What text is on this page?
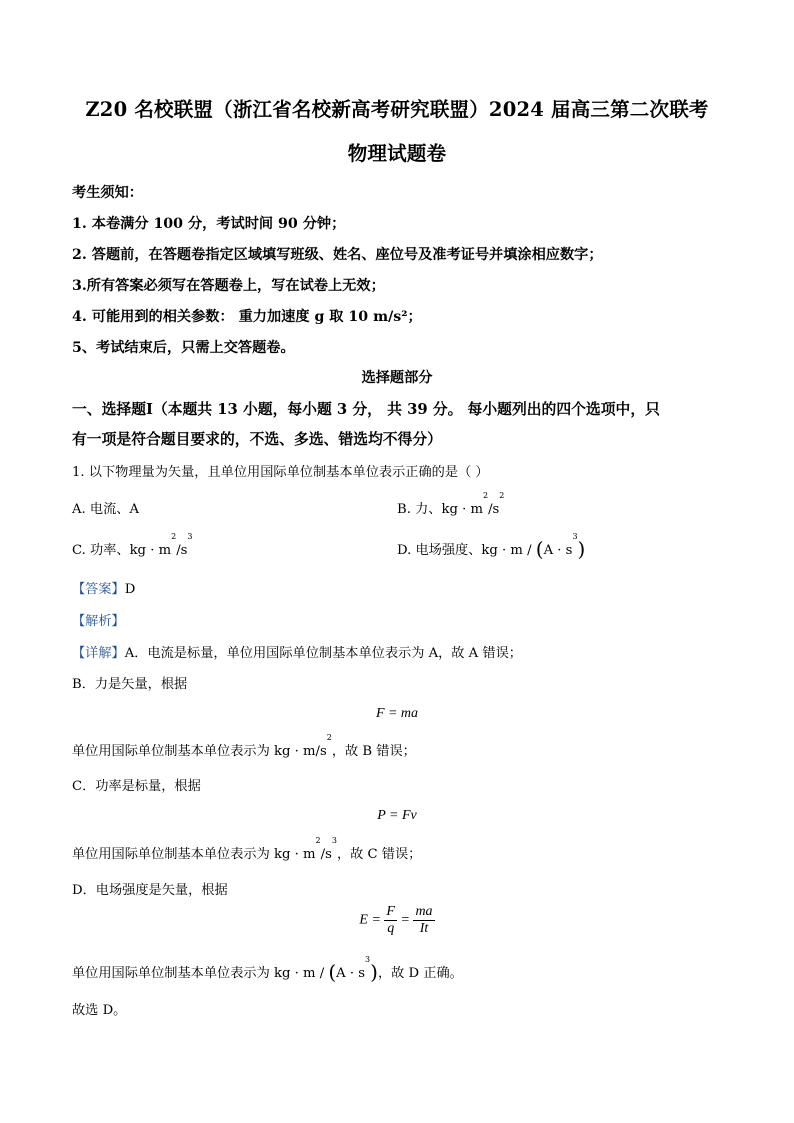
Z20 名校联盟（浙江省名校新高考研究联盟）2024 届高三第二次联考
物理试题卷
考生须知：
1. 本卷满分 100 分，考试时间 90 分钟；
2. 答题前，在答题卷指定区域填写班级、姓名、座位号及准考证号并填涂相应数字；
3.所有答案必须写在答题卷上，写在试卷上无效；
4. 可能用到的相关参数： 重力加速度 g 取 10 m/s²；
5、考试结束后，只需上交答题卷。
选择题部分
一、选择题Ⅰ（本题共 13 小题，每小题 3 分， 共 39 分。 每小题列出的四个选项中，只
有一项是符合题目要求的，不选、多选、错选均不得分）
1. 以下物理量为矢量，且单位用国际单位制基本单位表示正确的是（ ）
A. 电流、A	B. 力、kg · $m^2/s^2$
C. 功率、kg · $m^2/s^3$
D. 电场强度、kg · $m / (A \cdot s^3)$
【答案】D
【解析】
【详解】A．电流是标量，单位用国际单位制基本单位表示为 A，故 A 错误；
B．力是矢量，根据
F = ma
单位用国际单位制基本单位表示为 kg · $m/s^2$，故 B 错误；
C．功率是标量，根据
P = Fv
单位用国际单位制基本单位表示为 kg · $m^2/s^3$，故 C 错误；
D．电场强度是矢量，根据
$E = \frac{F}{q} = \frac{ma}{It}$
单位用国际单位制基本单位表示为 kg · $m / (A \cdot s^3)$，故 D 正确。
故选 D。
